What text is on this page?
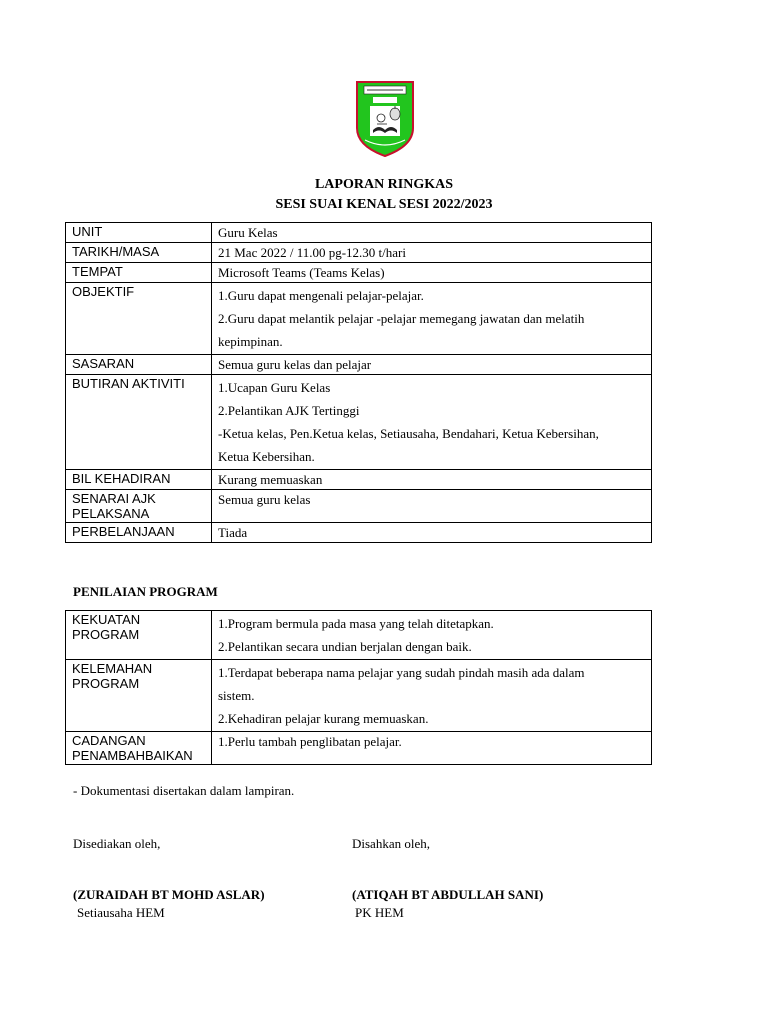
LAPORAN RINGKAS
SESI SUAI KENAL SESI 2022/2023
UNIT	Guru Kelas

TARIKH/MASA	21 Mac 2022 / 11.00 pg-12.30 t/hari

TEMPAT	Microsoft Teams (Teams Kelas)

OBJEKTIF	1.Guru dapat mengenali pelajar-pelajar.
2.Guru dapat melantik pelajar -pelajar memegang jawatan dan melatih
kepimpinan.

SASARAN	Semua guru kelas dan pelajar

BUTIRAN AKTIVITI	1.Ucapan Guru Kelas
2.Pelantikan AJK Tertinggi
-Ketua kelas, Pen.Ketua kelas, Setiausaha, Bendahari, Ketua Kebersihan,
Ketua Kebersihan.

BIL KEHADIRAN	Kurang memuaskan

SENARAI AJK PELAKSANA	Semua guru kelas

PERBELANJAAN	Tiada
PENILAIAN PROGRAM
KEKUATAN PROGRAM	1.Program bermula pada masa yang telah ditetapkan.
2.Pelantikan secara undian berjalan dengan baik.

KELEMAHAN PROGRAM	1.Terdapat beberapa nama pelajar yang sudah pindah masih ada dalam
sistem.
2.Kehadiran pelajar kurang memuaskan.

CADANGAN PENAMBAHBAIKAN	1.Perlu tambah penglibatan pelajar.
- Dokumentasi disertakan dalam lampiran.
Disediakan oleh,	Disahkan oleh,
(ZURAIDAH BT MOHD ASLAR)	(ATIQAH BT ABDULLAH SANI)
Setiausaha HEM	PK HEM
